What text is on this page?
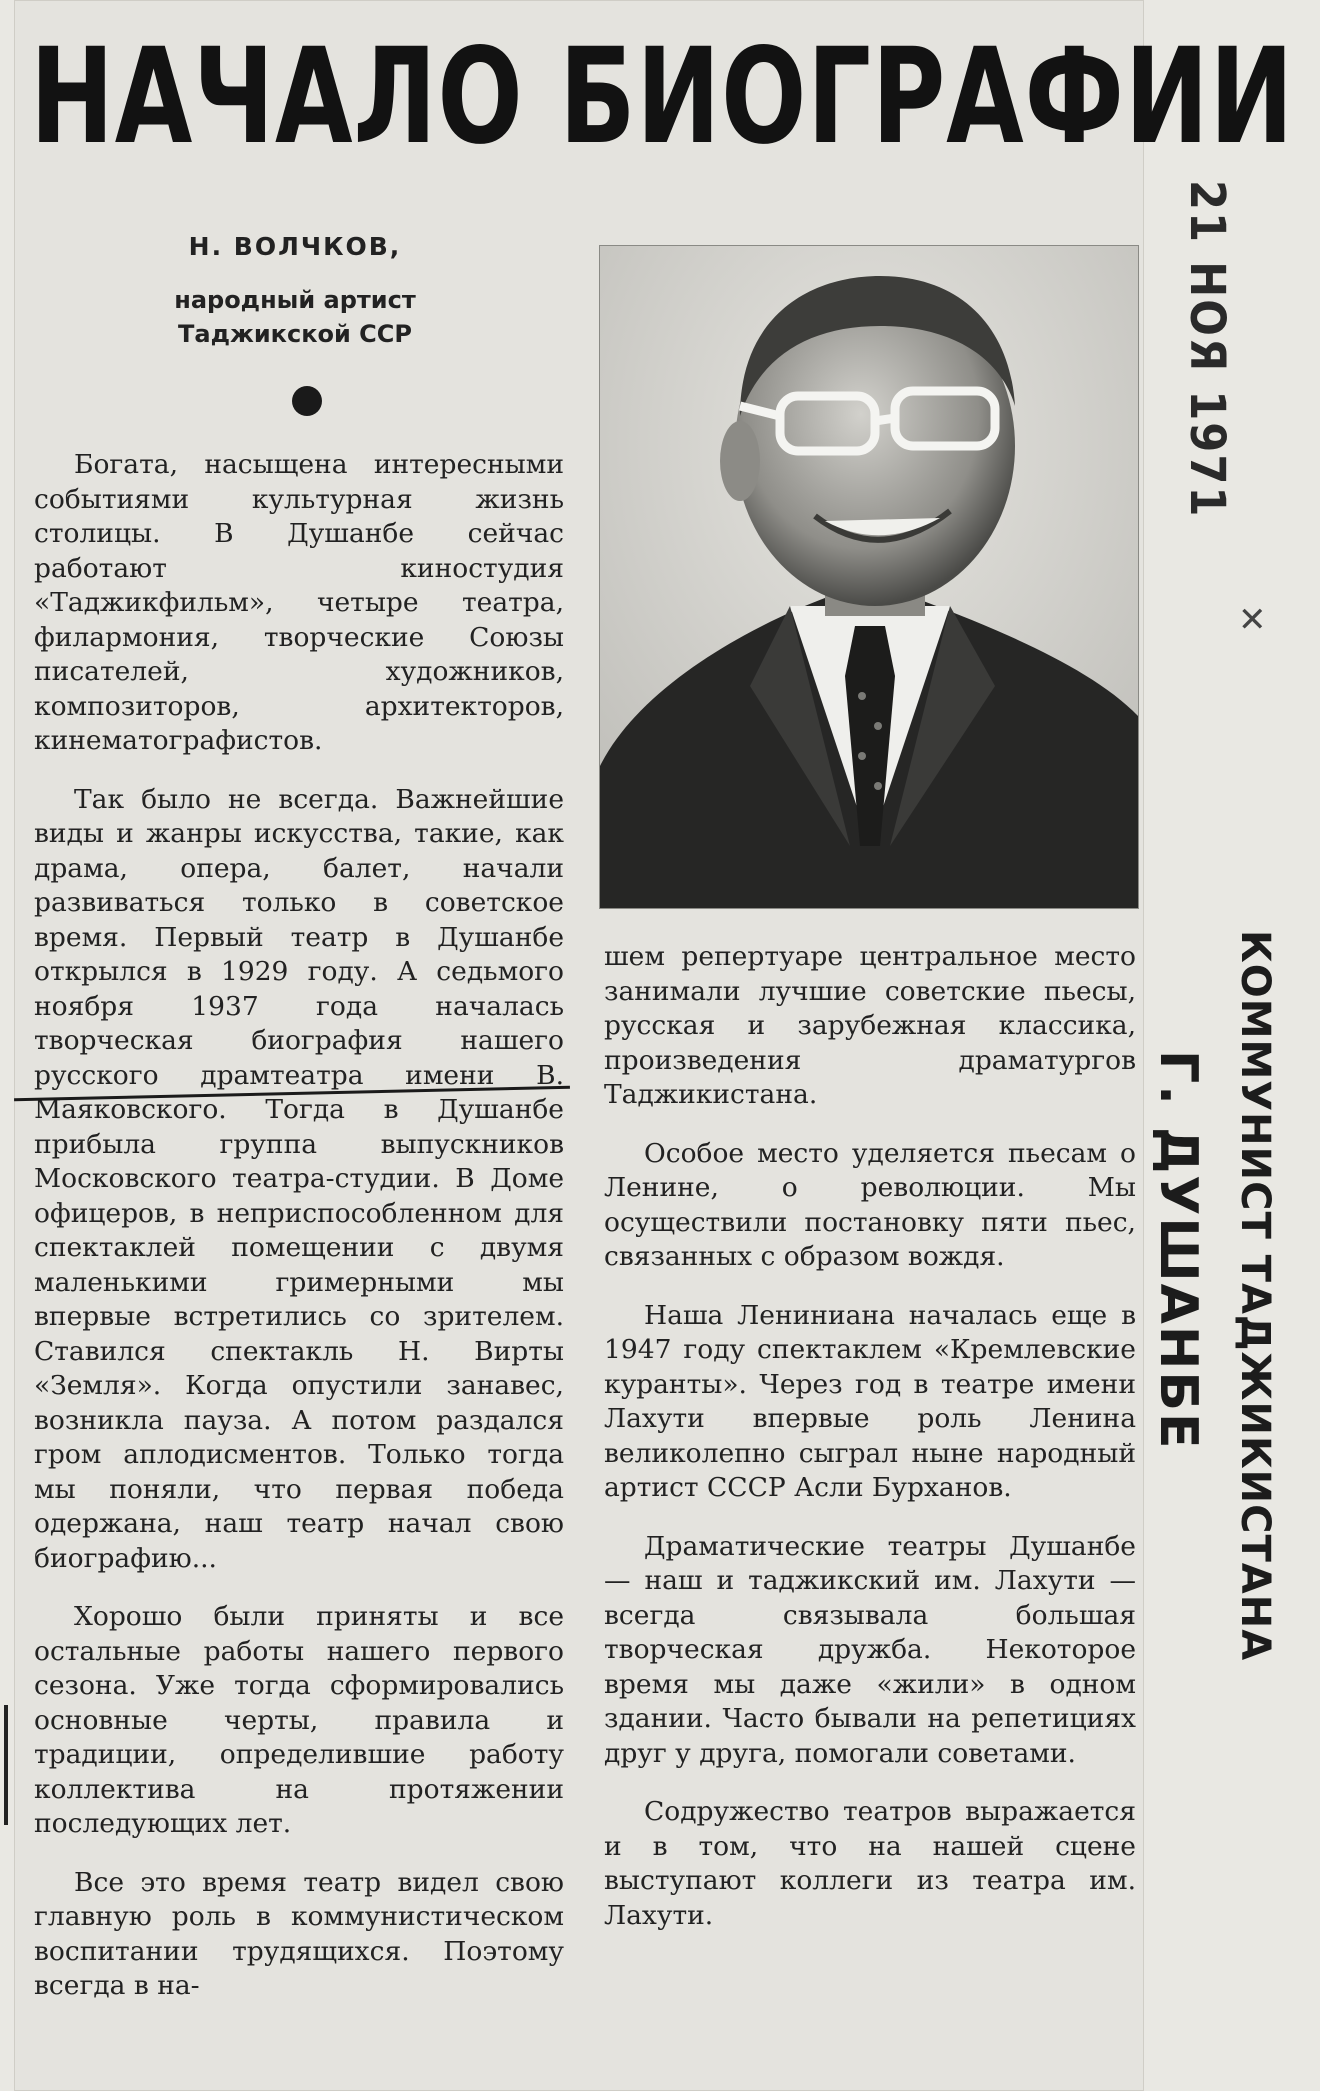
НАЧАЛО БИОГРАФИИ
Н. ВОЛЧКОВ,
народный артист
Таджикской ССР

Богата, насыщена интересными событиями культурная жизнь столицы. В Душанбе сейчас работают киностудия «Таджикфильм», четыре театра, филармония, творческие Союзы писателей, художников, композиторов, архитекторов, кинематографистов.

Так было не всегда. Важнейшие виды и жанры искусства, такие, как драма, опера, балет, начали развиваться только в советское время. Первый театр в Душанбе открылся в 1929 году. А седьмого ноября 1937 года началась творческая биография нашего русского драмтеатра имени В. Маяковского. Тогда в Душанбе прибыла группа выпускников Московского театра-студии. В Доме офицеров, в неприспособленном для спектаклей помещении с двумя маленькими гримерными мы впервые встретились со зрителем. Ставился спектакль Н. Вирты «Земля». Когда опустили занавес, возникла пауза. А потом раздался гром аплодисментов. Только тогда мы поняли, что первая победа одержана, наш театр начал свою биографию...

Хорошо были приняты и все остальные работы нашего первого сезона. Уже тогда сформировались основные черты, правила и традиции, определившие работу коллектива на протяжении последующих лет.

Все это время театр видел свою главную роль в коммунистическом воспитании трудящихся. Поэтому всегда в на-

шем репертуаре центральное место занимали лучшие советские пьесы, русская и зарубежная классика, произведения драматургов Таджикистана.

Особое место уделяется пьесам о Ленине, о революции. Мы осуществили постановку пяти пьес, связанных с образом вождя.

Наша Лениниана началась еще в 1947 году спектаклем «Кремлевские куранты». Через год в театре имени Лахути впервые роль Ленина великолепно сыграл ныне народный артист СССР Асли Бурханов.

Драматические театры Душанбе — наш и таджикский им. Лахути — всегда связывала большая творческая дружба. Некоторое время мы даже «жили» в одном здании. Часто бывали на репетициях друг у друга, помогали советами.

Содружество театров выражается и в том, что на нашей сцене выступают коллеги из театра им. Лахути.

21 НОЯ 1971
✕
КОММУНИСТ ТАДЖИКИСТАНА
Г. ДУШАНБЕ
